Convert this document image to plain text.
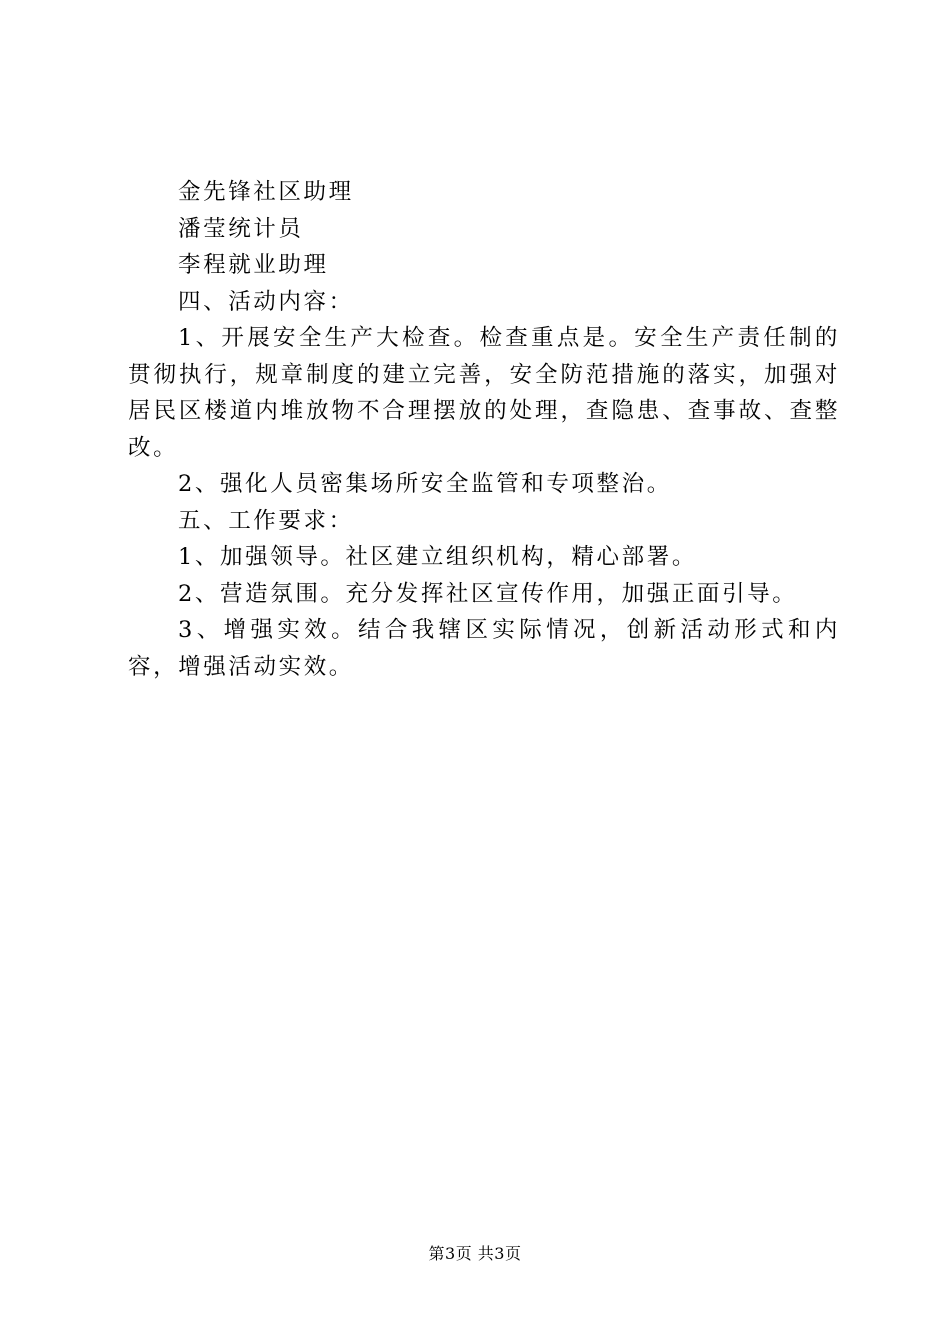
金先锋社区助理

潘莹统计员

李程就业助理

四、活动内容：

1、开展安全生产大检查。检查重点是。安全生产责任制的贯彻执行，规章制度的建立完善，安全防范措施的落实，加强对居民区楼道内堆放物不合理摆放的处理，查隐患、查事故、查整改。

2、强化人员密集场所安全监管和专项整治。

五、工作要求：

1、加强领导。社区建立组织机构，精心部署。

2、营造氛围。充分发挥社区宣传作用，加强正面引导。

3、增强实效。结合我辖区实际情况，创新活动形式和内容，增强活动实效。

第3页 共3页
